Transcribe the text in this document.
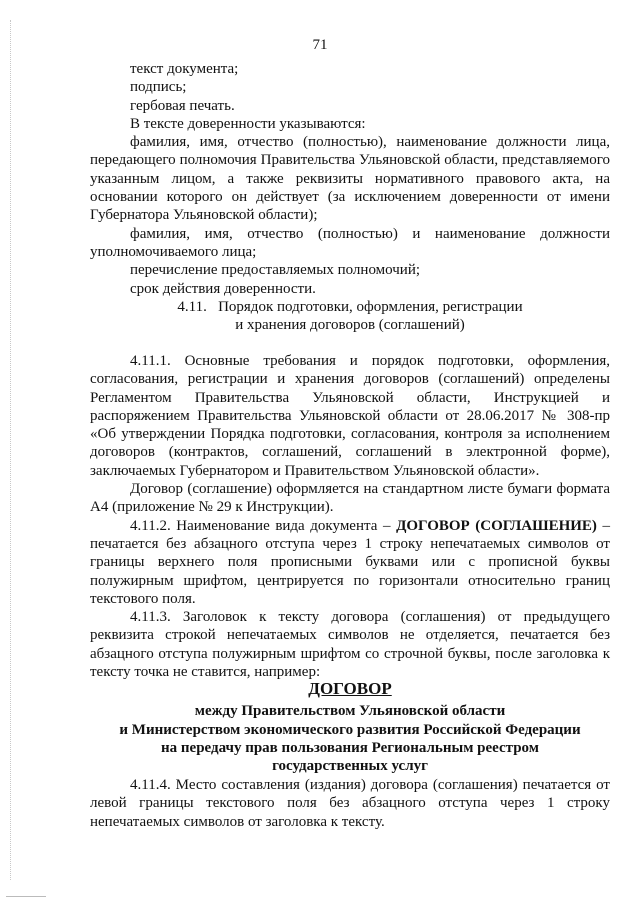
71
текст документа;
подпись;
гербовая печать.
В тексте доверенности указываются:
фамилия, имя, отчество (полностью), наименование должности лица, передающего полномочия Правительства Ульяновской области, представляемого указанным лицом, а также реквизиты нормативного правового акта, на основании которого он действует (за исключением доверенности от имени Губернатора Ульяновской области);
фамилия, имя, отчество (полностью) и наименование должности уполномочиваемого лица;
перечисление предоставляемых полномочий;
срок действия доверенности.
4.11. Порядок подготовки, оформления, регистрации
и хранения договоров (соглашений)
4.11.1. Основные требования и порядок подготовки, оформления, согласования, регистрации и хранения договоров (соглашений) определены Регламентом Правительства Ульяновской области, Инструкцией и распоряжением Правительства Ульяновской области от 28.06.2017 № 308-пр «Об утверждении Порядка подготовки, согласования, контроля за исполнением договоров (контрактов, соглашений, соглашений в электронной форме), заключаемых Губернатором и Правительством Ульяновской области».
Договор (соглашение) оформляется на стандартном листе бумаги формата А4 (приложение № 29 к Инструкции).
4.11.2. Наименование вида документа – ДОГОВОР (СОГЛАШЕНИЕ) – печатается без абзацного отступа через 1 строку непечатаемых символов от границы верхнего поля прописными буквами или с прописной буквы полужирным шрифтом, центрируется по горизонтали относительно границ текстового поля.
4.11.3. Заголовок к тексту договора (соглашения) от предыдущего реквизита строкой непечатаемых символов не отделяется, печатается без абзацного отступа полужирным шрифтом со строчной буквы, после заголовка к тексту точка не ставится, например:
ДОГОВОР
между Правительством Ульяновской области
и Министерством экономического развития Российской Федерации
на передачу прав пользования Региональным реестром
государственных услуг
4.11.4. Место составления (издания) договора (соглашения) печатается от левой границы текстового поля без абзацного отступа через 1 строку непечатаемых символов от заголовка к тексту.
